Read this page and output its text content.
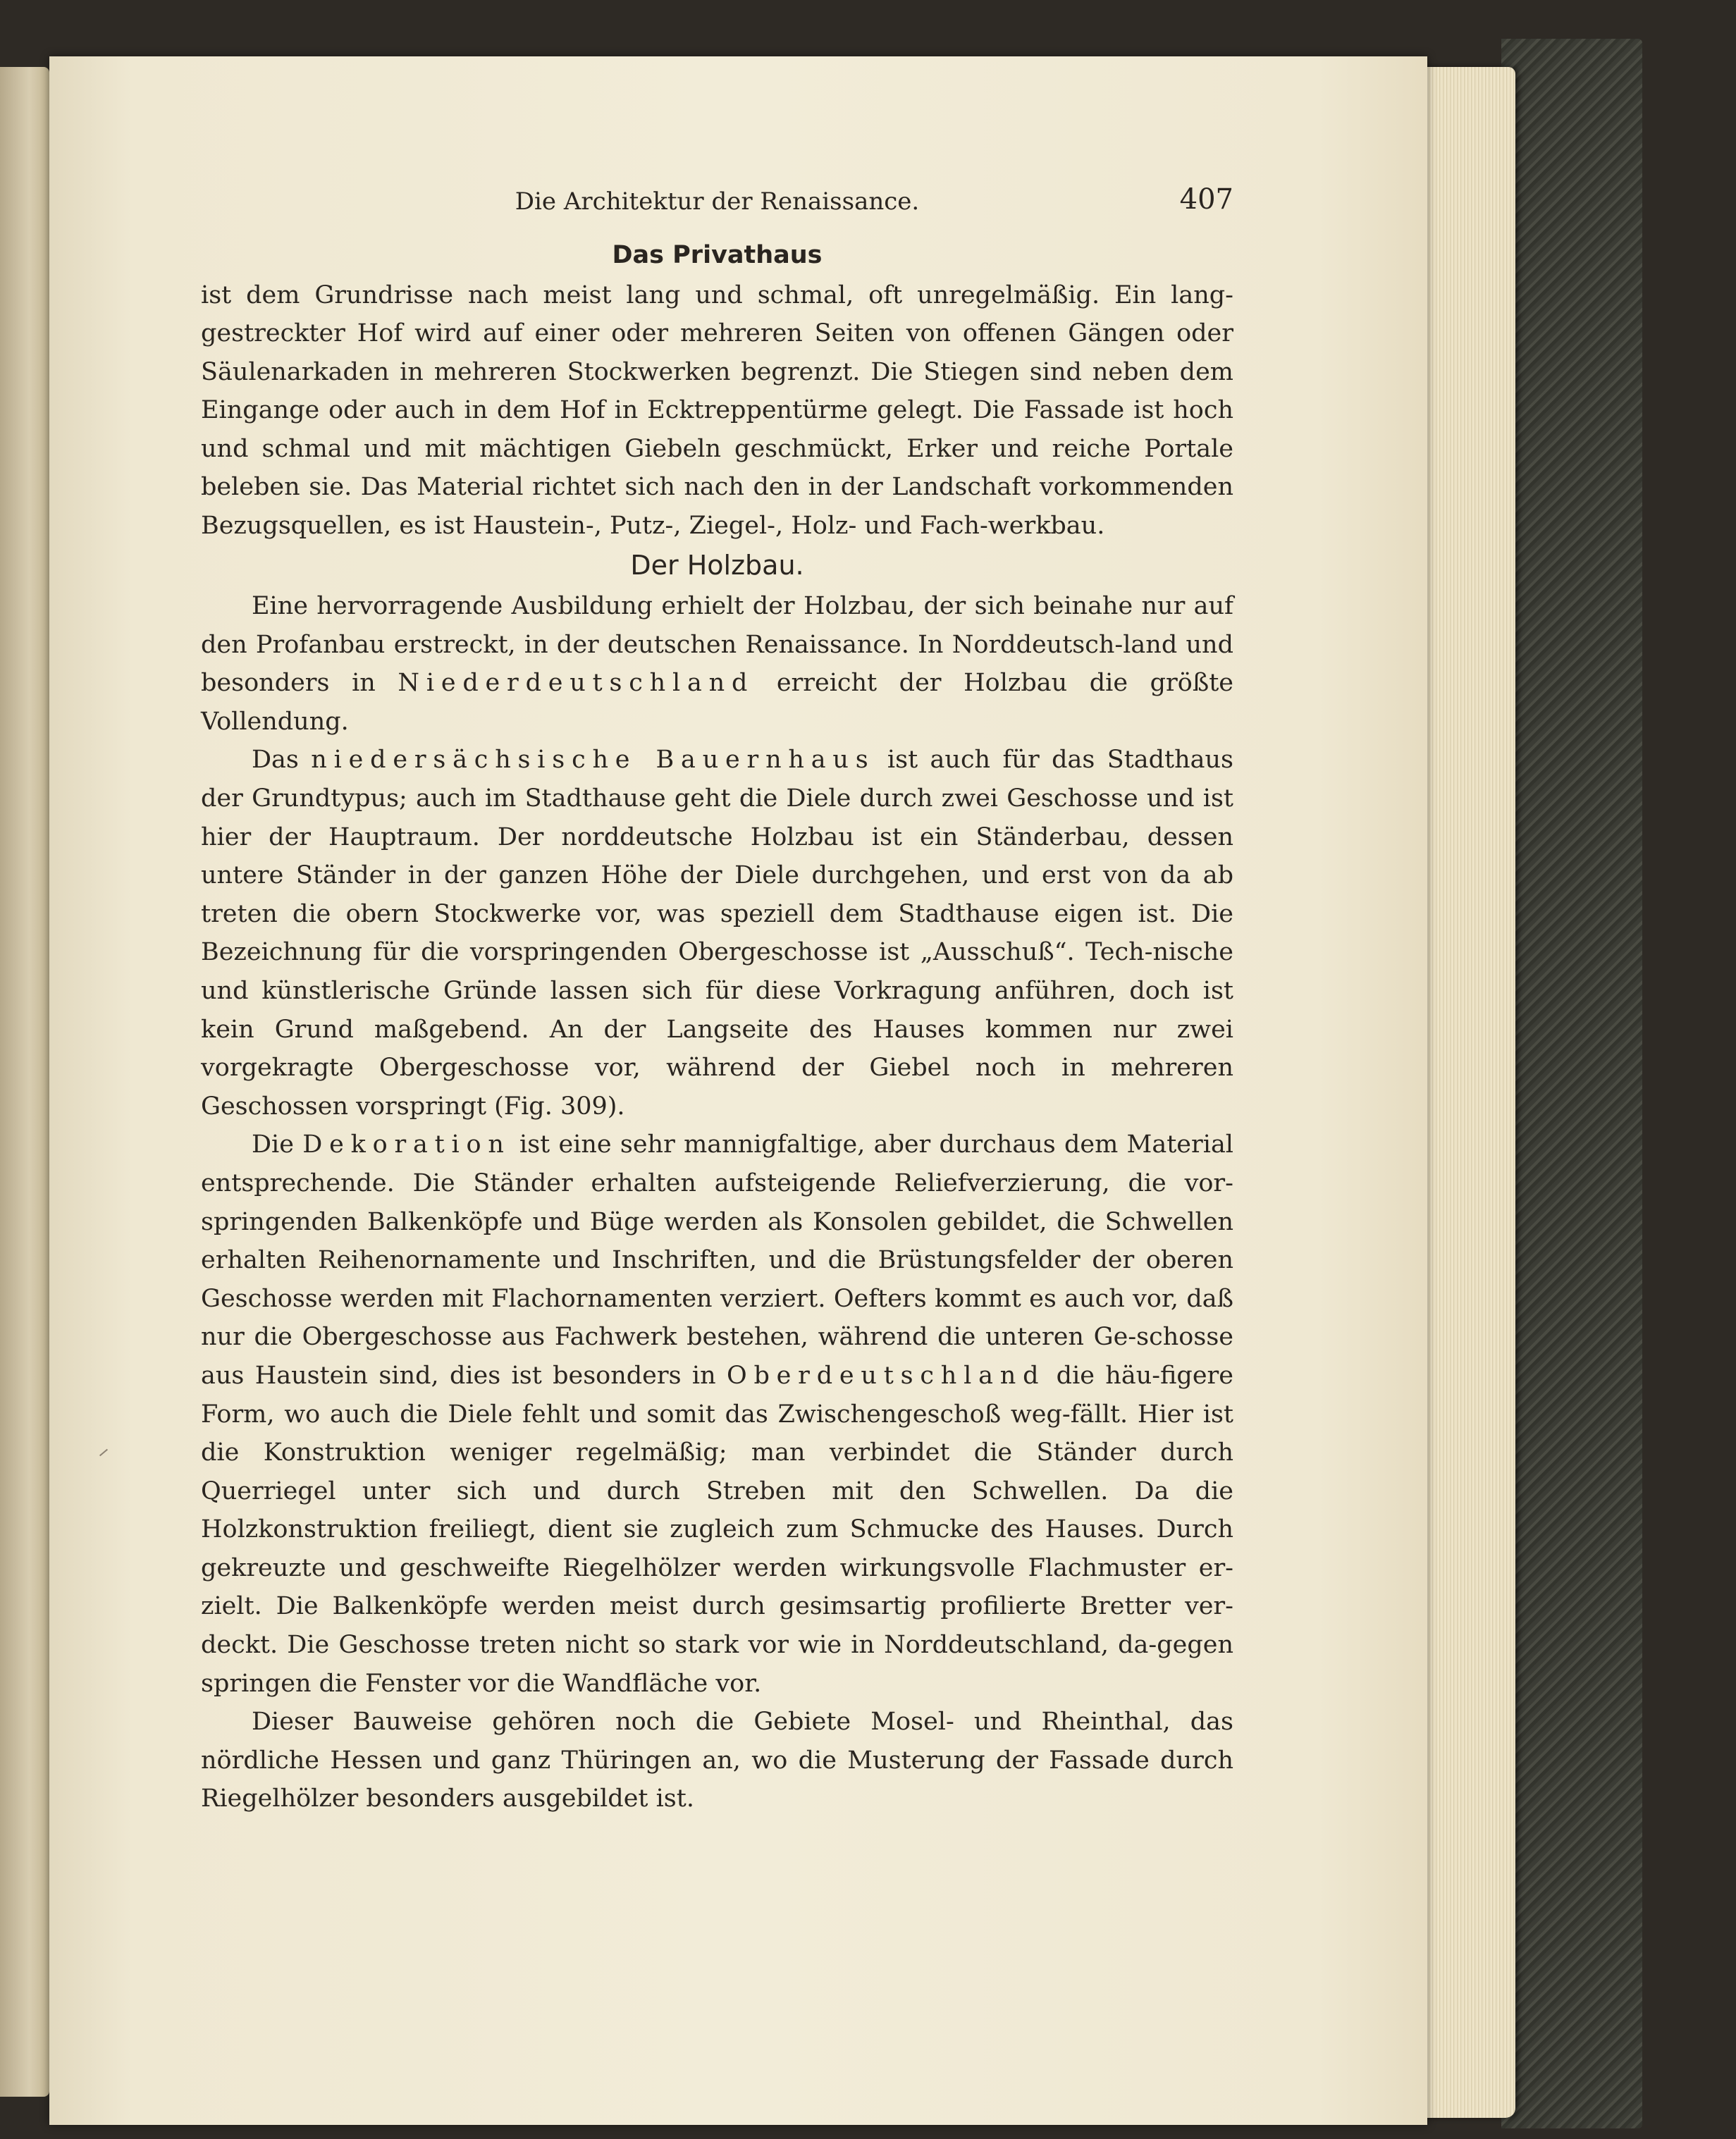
Die Architektur der Renaissance.	407
Das Privathaus

ist dem Grundrisse nach meist lang und schmal, oft unregelmäßig. Ein lang-gestreckter Hof wird auf einer oder mehreren Seiten von offenen Gängen oder Säulenarkaden in mehreren Stockwerken begrenzt. Die Stiegen sind neben dem Eingange oder auch in dem Hof in Ecktreppentürme gelegt. Die Fassade ist hoch und schmal und mit mächtigen Giebeln geschmückt, Erker und reiche Portale beleben sie. Das Material richtet sich nach den in der Landschaft vorkommenden Bezugsquellen, es ist Haustein-, Putz-, Ziegel-, Holz- und Fach-werkbau.

Der Holzbau.

Eine hervorragende Ausbildung erhielt der Holzbau, der sich beinahe nur auf den Profanbau erstreckt, in der deutschen Renaissance. In Norddeutsch-land und besonders in Niederdeutschland erreicht der Holzbau die größte Vollendung.

Das niedersächsische Bauernhaus ist auch für das Stadthaus der Grundtypus; auch im Stadthause geht die Diele durch zwei Geschosse und ist hier der Hauptraum. Der norddeutsche Holzbau ist ein Ständerbau, dessen untere Ständer in der ganzen Höhe der Diele durchgehen, und erst von da ab treten die obern Stockwerke vor, was speziell dem Stadthause eigen ist. Die Bezeichnung für die vorspringenden Obergeschosse ist „Ausschuß“. Tech-nische und künstlerische Gründe lassen sich für diese Vorkragung anführen, doch ist kein Grund maßgebend. An der Langseite des Hauses kommen nur zwei vorgekragte Obergeschosse vor, während der Giebel noch in mehreren Geschossen vorspringt (Fig. 309).

Die Dekoration ist eine sehr mannigfaltige, aber durchaus dem Material entsprechende. Die Ständer erhalten aufsteigende Reliefverzierung, die vor-springenden Balkenköpfe und Büge werden als Konsolen gebildet, die Schwellen erhalten Reihenornamente und Inschriften, und die Brüstungsfelder der oberen Geschosse werden mit Flachornamenten verziert. Oefters kommt es auch vor, daß nur die Obergeschosse aus Fachwerk bestehen, während die unteren Ge-schosse aus Haustein sind, dies ist besonders in Oberdeutschland die häu-figere Form, wo auch die Diele fehlt und somit das Zwischengeschoß weg-fällt. Hier ist die Konstruktion weniger regelmäßig; man verbindet die Ständer durch Querriegel unter sich und durch Streben mit den Schwellen. Da die Holzkonstruktion freiliegt, dient sie zugleich zum Schmucke des Hauses. Durch gekreuzte und geschweifte Riegelhölzer werden wirkungsvolle Flachmuster er-zielt. Die Balkenköpfe werden meist durch gesimsartig profilierte Bretter ver-deckt. Die Geschosse treten nicht so stark vor wie in Norddeutschland, da-gegen springen die Fenster vor die Wandfläche vor.

Dieser Bauweise gehören noch die Gebiete Mosel- und Rheinthal, das nördliche Hessen und ganz Thüringen an, wo die Musterung der Fassade durch Riegelhölzer besonders ausgebildet ist.
